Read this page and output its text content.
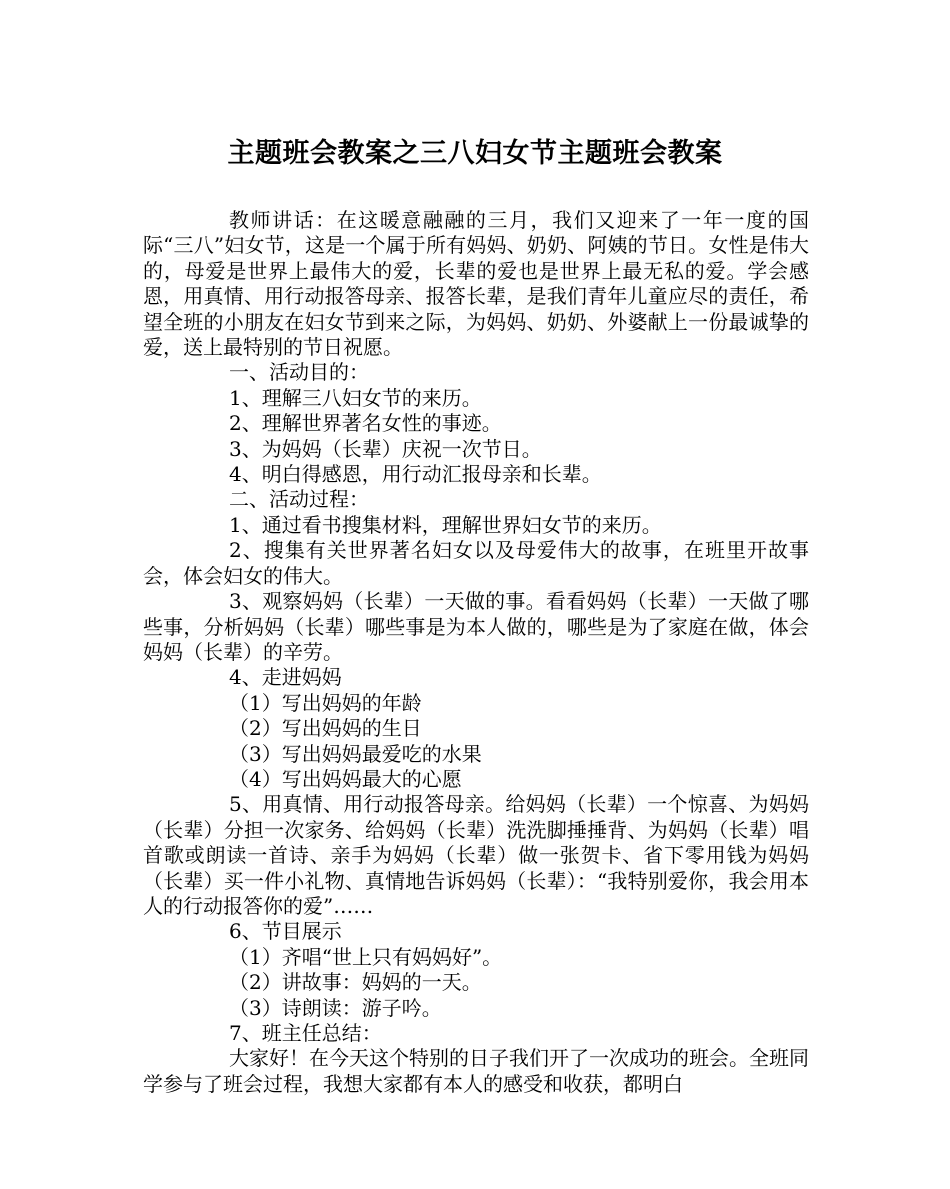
主题班会教案之三八妇女节主题班会教案

教师讲话：在这暖意融融的三月，我们又迎来了一年一度的国际“三八”妇女节，这是一个属于所有妈妈、奶奶、阿姨的节日。女性是伟大的，母爱是世界上最伟大的爱，长辈的爱也是世界上最无私的爱。学会感恩，用真情、用行动报答母亲、报答长辈，是我们青年儿童应尽的责任，希望全班的小朋友在妇女节到来之际，为妈妈、奶奶、外婆献上一份最诚挚的爱，送上最特别的节日祝愿。

一、活动目的：

1、理解三八妇女节的来历。

2、理解世界著名女性的事迹。

3、为妈妈（长辈）庆祝一次节日。

4、明白得感恩，用行动汇报母亲和长辈。

二、活动过程：

1、通过看书搜集材料，理解世界妇女节的来历。

2、搜集有关世界著名妇女以及母爱伟大的故事，在班里开故事会，体会妇女的伟大。

3、观察妈妈（长辈）一天做的事。看看妈妈（长辈）一天做了哪些事，分析妈妈（长辈）哪些事是为本人做的，哪些是为了家庭在做，体会妈妈（长辈）的辛劳。

4、走进妈妈

（1）写出妈妈的年龄

（2）写出妈妈的生日

（3）写出妈妈最爱吃的水果

（4）写出妈妈最大的心愿

5、用真情、用行动报答母亲。给妈妈（长辈）一个惊喜、为妈妈（长辈）分担一次家务、给妈妈（长辈）洗洗脚捶捶背、为妈妈（长辈）唱首歌或朗读一首诗、亲手为妈妈（长辈）做一张贺卡、省下零用钱为妈妈（长辈）买一件小礼物、真情地告诉妈妈（长辈）：“我特别爱你，我会用本人的行动报答你的爱”……

6、节目展示

（1）齐唱“世上只有妈妈好”。

（2）讲故事：妈妈的一天。

（3）诗朗读：游子吟。

7、班主任总结：

大家好！在今天这个特别的日子我们开了一次成功的班会。全班同学参与了班会过程，我想大家都有本人的感受和收获，都明白
